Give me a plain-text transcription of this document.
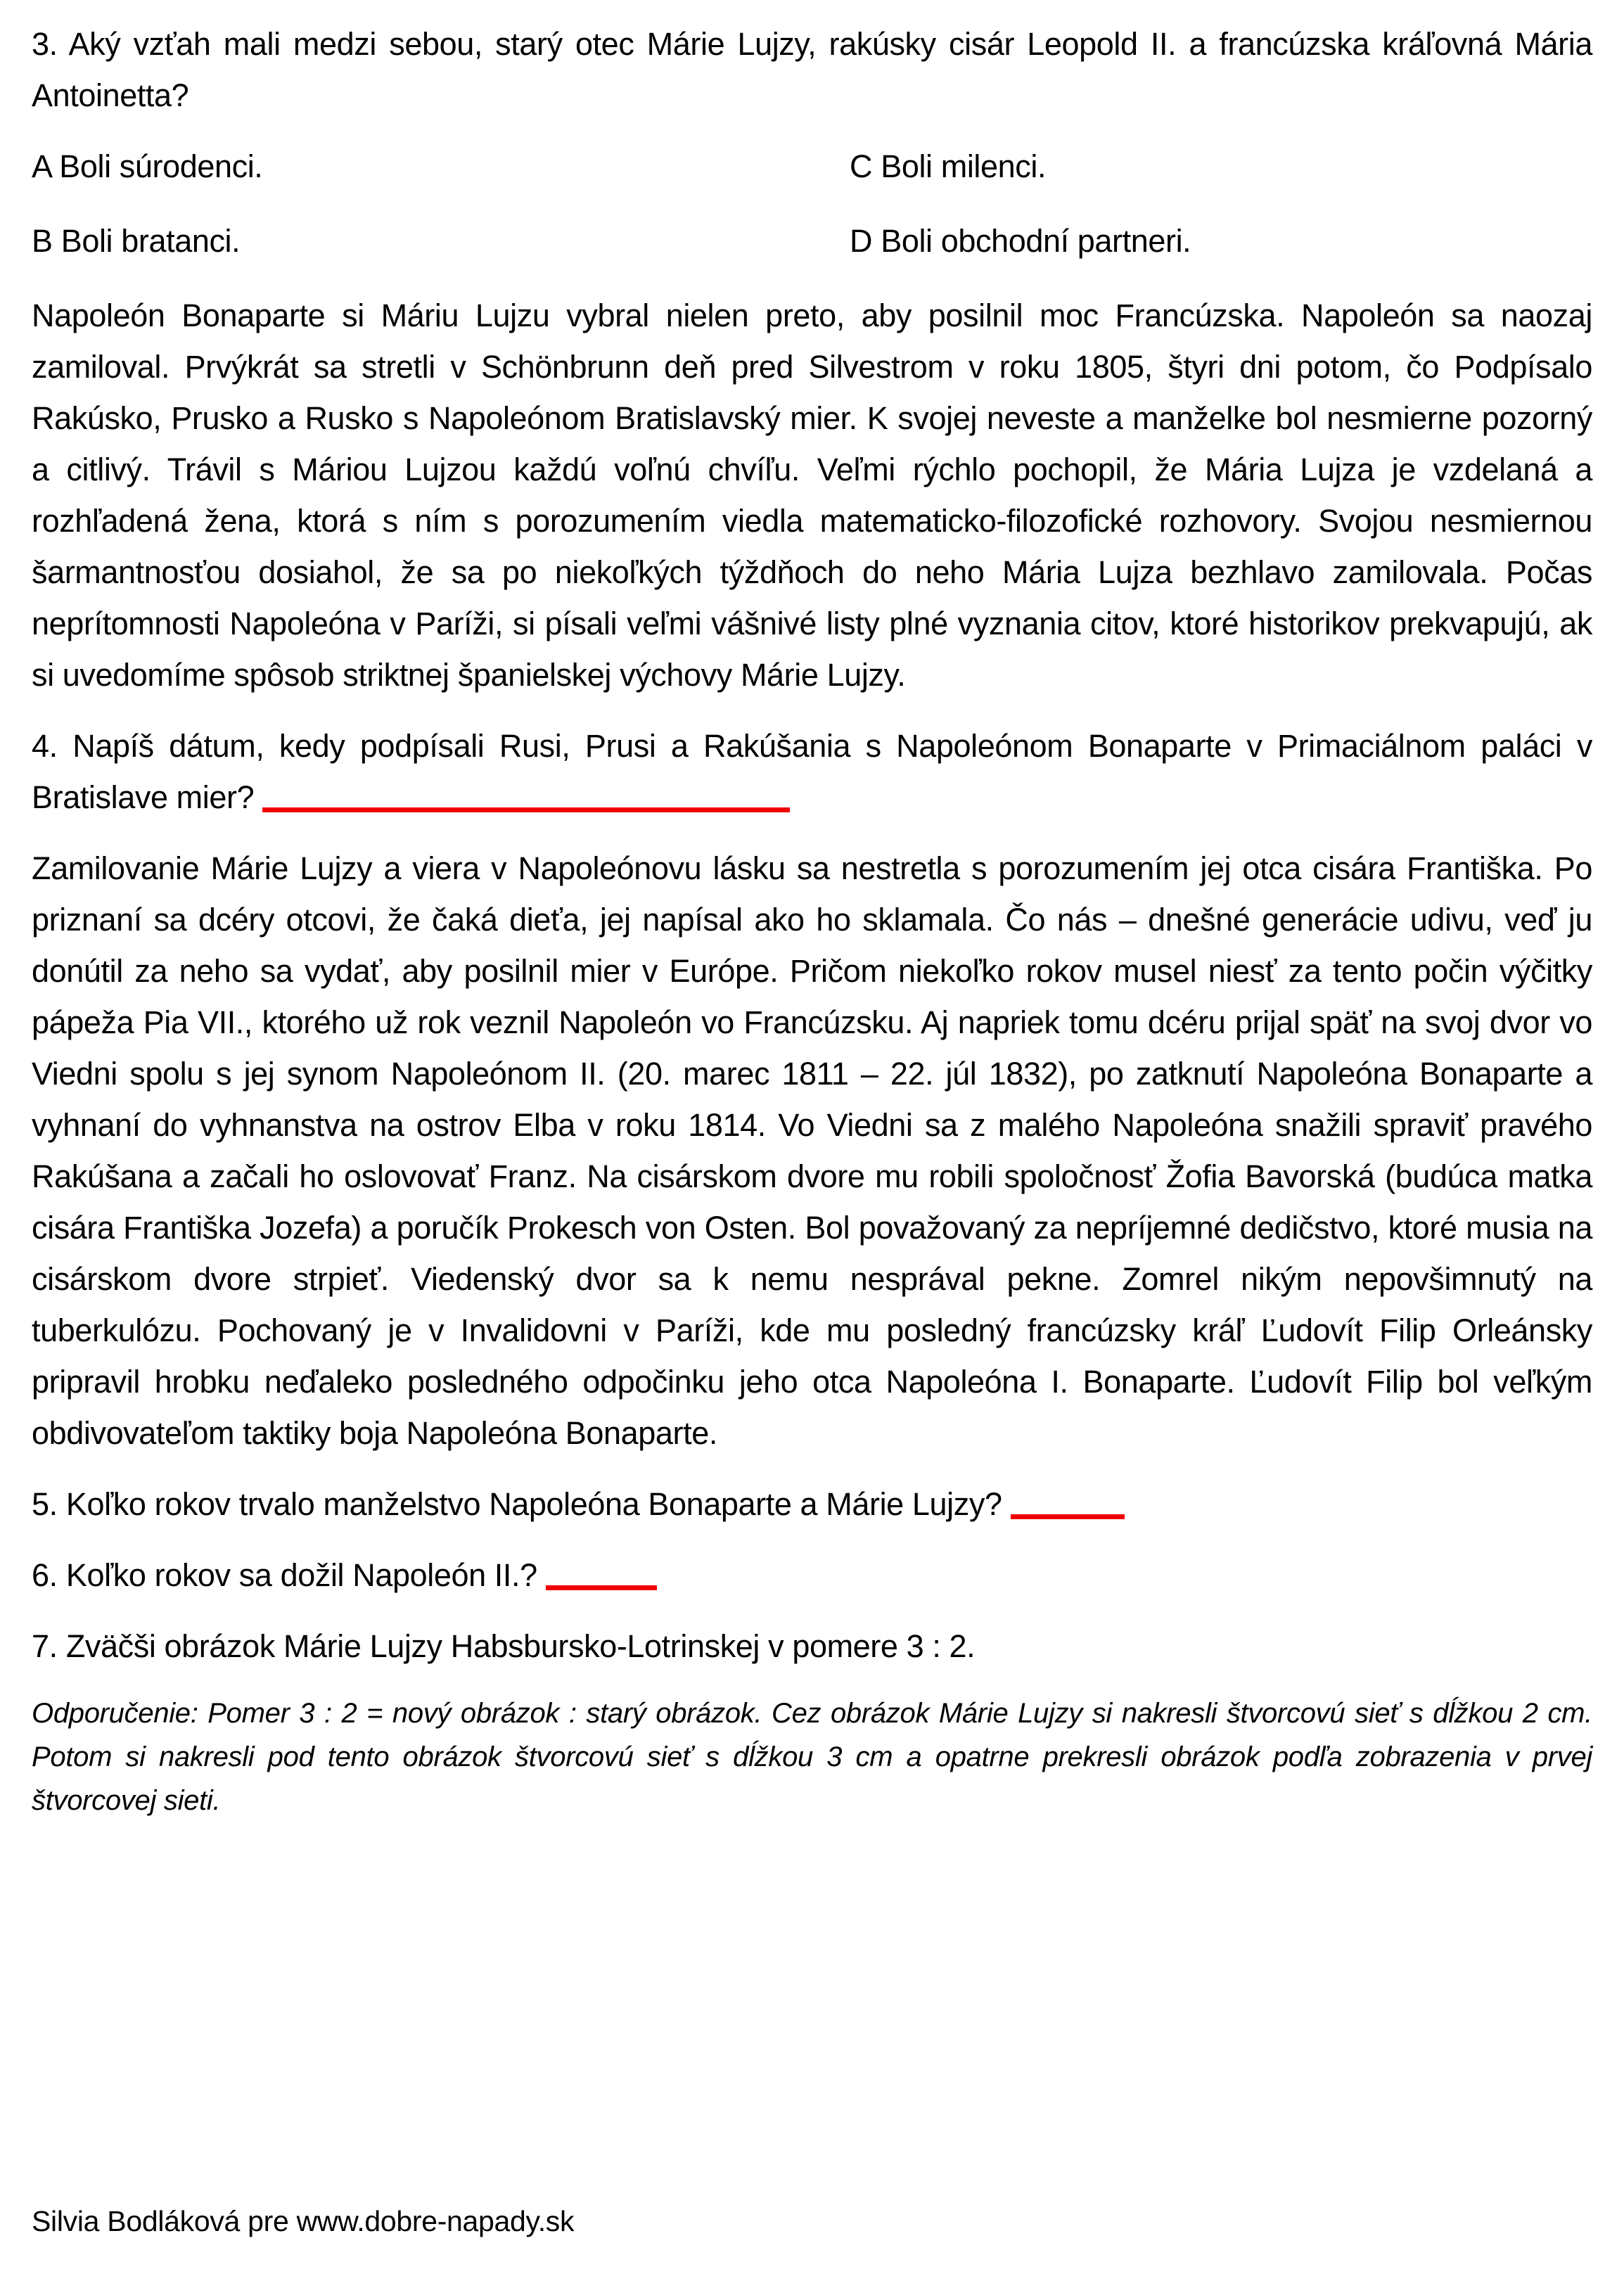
3. Aký vzťah mali medzi sebou, starý otec Márie Lujzy, rakúsky cisár Leopold II. a francúzska kráľovná Mária Antoinetta?

A Boli súrodenci.	C Boli milenci.
B Boli bratanci.	D Boli obchodní partneri.

Napoleón Bonaparte si Máriu Lujzu vybral nielen preto, aby posilnil moc Francúzska. Napoleón sa naozaj zamiloval. Prvýkrát sa stretli v Schönbrunn deň pred Silvestrom v roku 1805, štyri dni potom, čo Podpísalo Rakúsko, Prusko a Rusko s Napoleónom Bratislavský mier. K svojej neveste a manželke bol nesmierne pozorný a citlivý. Trávil s Máriou Lujzou každú voľnú chvíľu. Veľmi rýchlo pochopil, že Mária Lujza je vzdelaná a rozhľadená žena, ktorá s ním s porozumením viedla matematicko-filozofické rozhovory. Svojou nesmiernou šarmantnosťou dosiahol, že sa po niekoľkých týždňoch do neho Mária Lujza bezhlavo zamilovala. Počas neprítomnosti Napoleóna v Paríži, si písali veľmi vášnivé listy plné vyznania citov, ktoré historikov prekvapujú, ak si uvedomíme spôsob striktnej španielskej výchovy Márie Lujzy.

4. Napíš dátum, kedy podpísali Rusi, Prusi a Rakúšania s Napoleónom Bonaparte v Primaciálnom paláci v Bratislave mier?

Zamilovanie Márie Lujzy a viera v Napoleónovu lásku sa nestretla s porozumením jej otca cisára Františka. Po priznaní sa dcéry otcovi, že čaká dieťa, jej napísal ako ho sklamala. Čo nás – dnešné generácie udivu, veď ju donútil za neho sa vydať, aby posilnil mier v Európe. Pričom niekoľko rokov musel niesť za tento počin výčitky pápeža Pia VII., ktorého už rok veznil Napoleón vo Francúzsku. Aj napriek tomu dcéru prijal späť na svoj dvor vo Viedni spolu s jej synom Napoleónom II. (20. marec 1811 – 22. júl 1832), po zatknutí Napoleóna Bonaparte a vyhnaní do vyhnanstva na ostrov Elba v roku 1814. Vo Viedni sa z malého Napoleóna snažili spraviť pravého Rakúšana a začali ho oslovovať Franz. Na cisárskom dvore mu robili spoločnosť Žofia Bavorská (budúca matka cisára Františka Jozefa) a poručík Prokesch von Osten. Bol považovaný za nepríjemné dedičstvo, ktoré musia na cisárskom dvore strpieť. Viedenský dvor sa k nemu nesprával pekne. Zomrel nikým nepovšimnutý na tuberkulózu. Pochovaný je v Invalidovni v Paríži, kde mu posledný francúzsky kráľ Ľudovít Filip Orleánsky pripravil hrobku neďaleko posledného odpočinku jeho otca Napoleóna I. Bonaparte. Ľudovít Filip bol veľkým obdivovateľom taktiky boja Napoleóna Bonaparte.

5. Koľko rokov trvalo manželstvo Napoleóna Bonaparte a Márie Lujzy?

6. Koľko rokov sa dožil Napoleón II.?

7. Zväčši obrázok Márie Lujzy Habsbursko-Lotrinskej v pomere 3 : 2.

Odporučenie: Pomer 3 : 2 = nový obrázok : starý obrázok. Cez obrázok Márie Lujzy si nakresli štvorcovú sieť s dĺžkou 2 cm. Potom si nakresli pod tento obrázok štvorcovú sieť s dĺžkou 3 cm a opatrne prekresli obrázok podľa zobrazenia v prvej štvorcovej sieti.

Silvia Bodláková pre www.dobre-napady.sk
